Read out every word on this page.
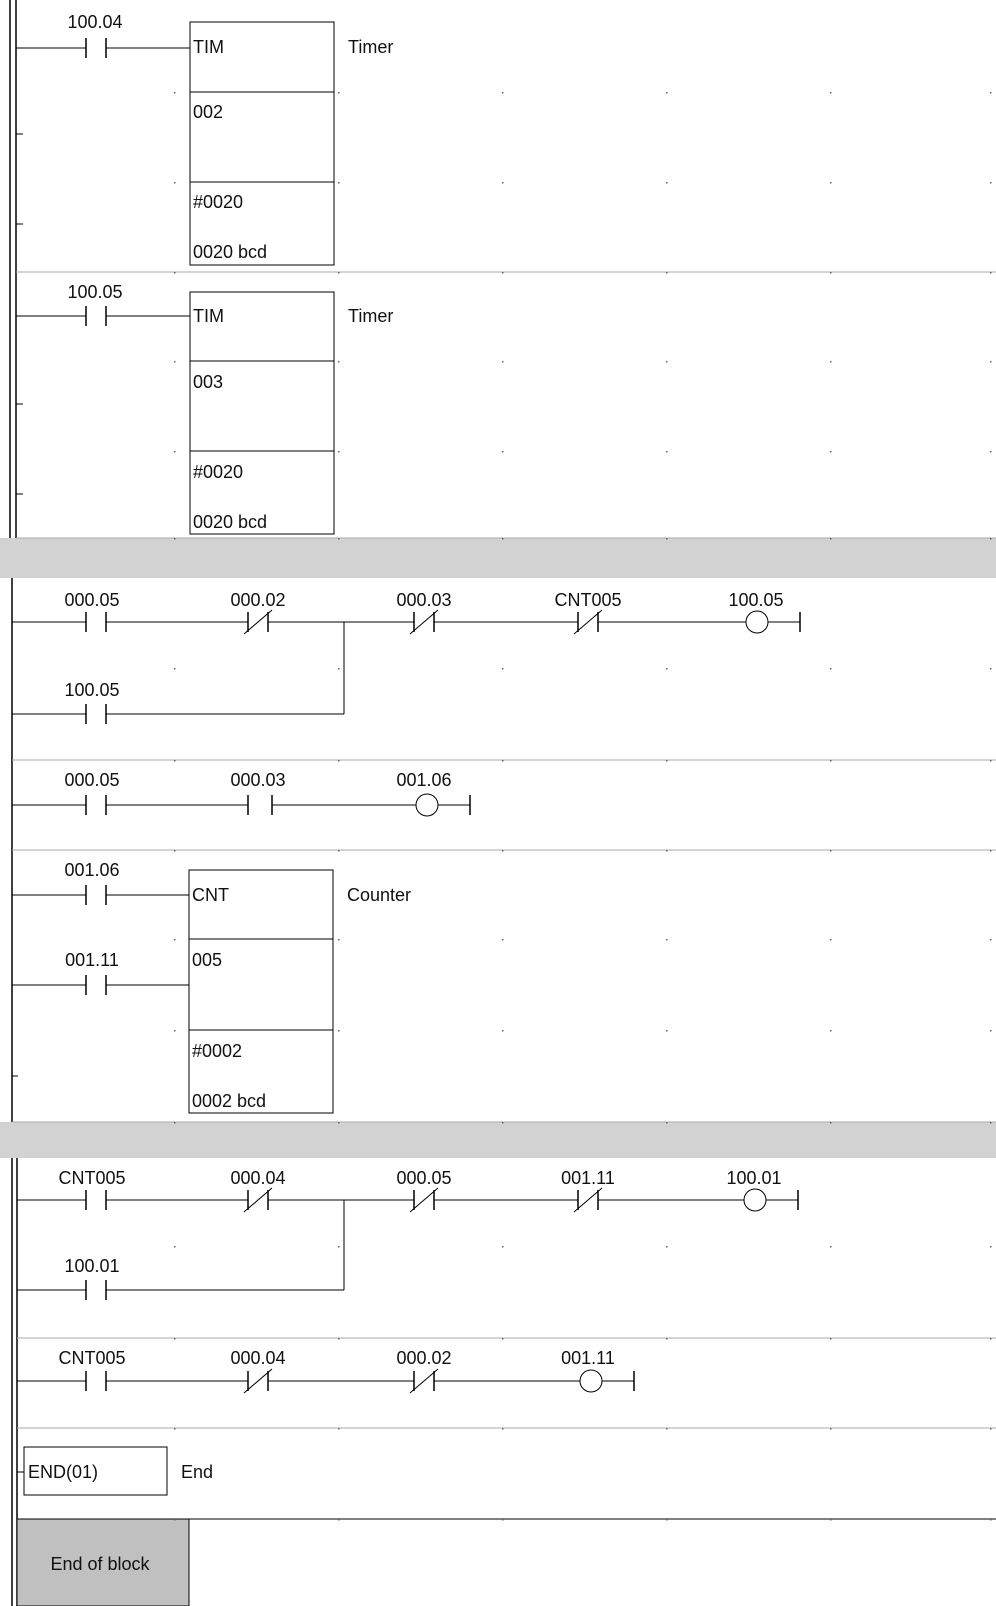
100.04
TIM
002
#0020
0020 bcd
Timer
100.05
TIM
003
#0020
0020 bcd
Timer
000.05	000.02	000.03	CNT005	100.05
100.05
000.05	000.03	001.06
001.06
001.11
CNT
005
#0002
0002 bcd
Counter
CNT005	000.04	000.05	001.11	100.01
100.01
CNT005	000.04	000.02	001.11
END(01)	End
End of block
